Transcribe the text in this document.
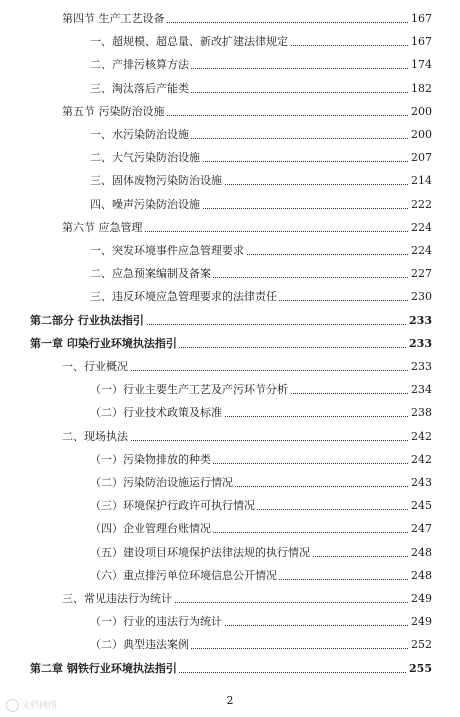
第四节 生产工艺设备	167
一、超规模、超总量、新改扩建法律规定	167
二、产排污核算方法	174
三、淘汰落后产能类	182
第五节 污染防治设施	200
一、水污染防治设施	200
二、大气污染防治设施	207
三、固体废物污染防治设施	214
四、噪声污染防治设施	222
第六节 应急管理	224
一、突发环境事件应急管理要求	224
二、应急预案编制及备案	227
三、违反环境应急管理要求的法律责任	230
第二部分 行业执法指引	233
第一章 印染行业环境执法指引	233
一、行业概况	233
（一）行业主要生产工艺及产污环节分析	234
（二）行业技术政策及标准	238
二、现场执法	242
（一）污染物排放的种类	242
（二）污染防治设施运行情况	243
（三）环境保护行政许可执行情况	245
（四）企业管理台账情况	247
（五）建设项目环境保护法律法规的执行情况	248
（六）重点排污单位环境信息公开情况	248
三、常见违法行为统计	249
（一）行业的违法行为统计	249
（二）典型违法案例	252
第二章 钢铁行业环境执法指引	255
2
文档网络
